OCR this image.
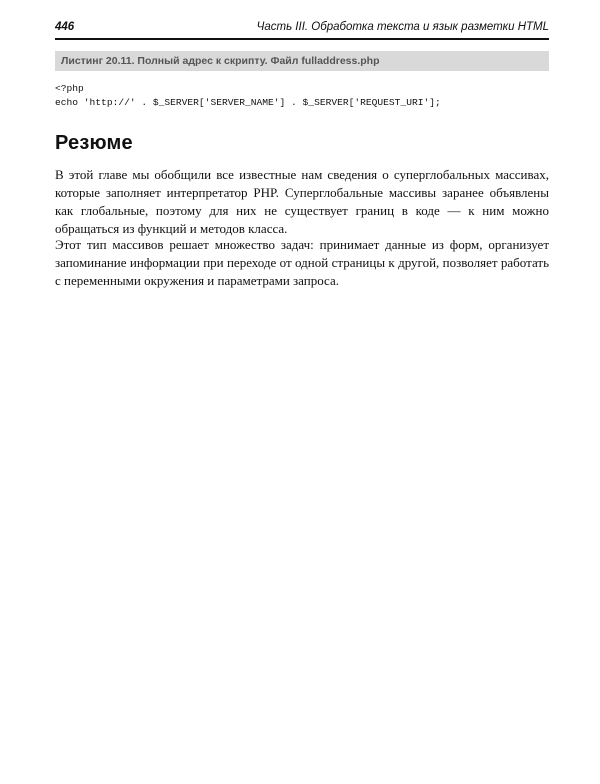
446	Часть III. Обработка текста и язык разметки HTML
Листинг 20.11. Полный адрес к скрипту. Файл fulladdress.php
<?php
echo 'http://' . $_SERVER['SERVER_NAME'] . $_SERVER['REQUEST_URI'];
Резюме

В этой главе мы обобщили все известные нам сведения о суперглобальных массивах, которые заполняет интерпретатор PHP. Суперглобальные массивы заранее объявлены как глобальные, поэтому для них не существует границ в коде — к ним можно обращаться из функций и методов класса.

Этот тип массивов решает множество задач: принимает данные из форм, организует запоминание информации при переходе от одной страницы к другой, позволяет работать с переменными окружения и параметрами запроса.
